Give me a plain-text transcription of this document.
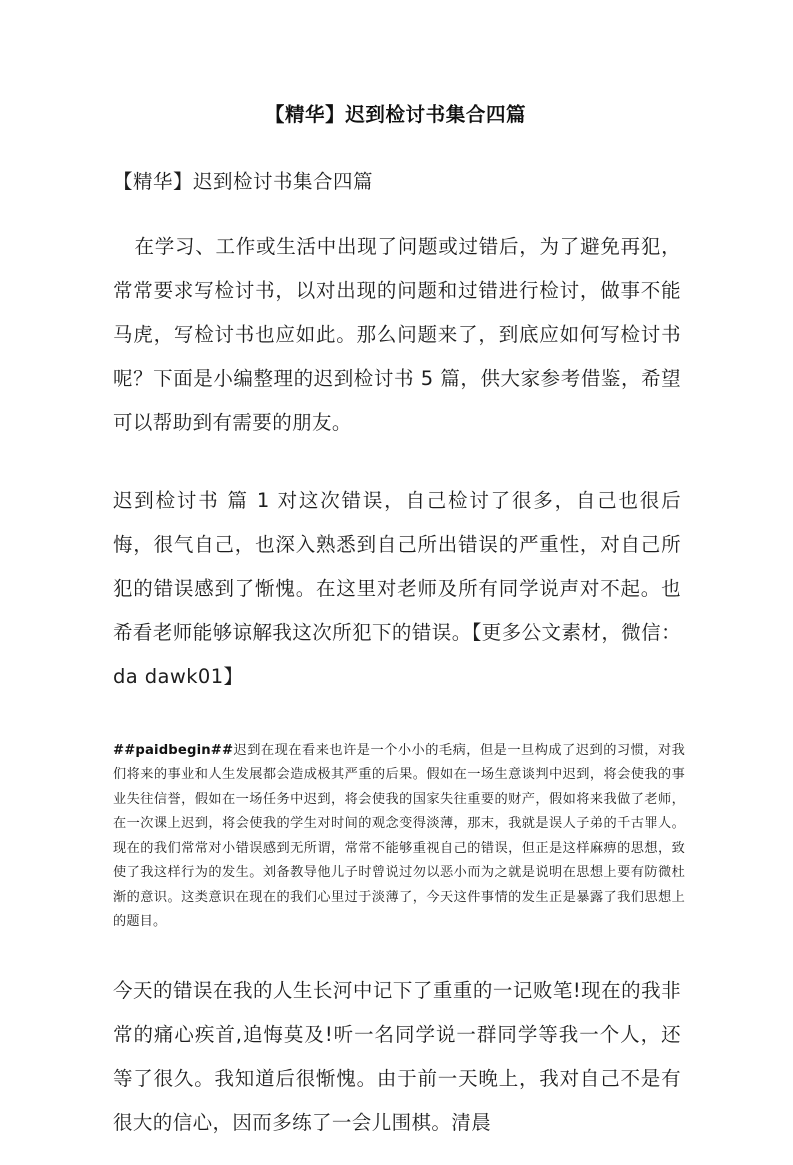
【精华】迟到检讨书集合四篇
【精华】迟到检讨书集合四篇

在学习、工作或生活中出现了问题或过错后，为了避免再犯，常常要求写检讨书，以对出现的问题和过错进行检讨，做事不能马虎，写检讨书也应如此。那么问题来了，到底应如何写检讨书呢？下面是小编整理的迟到检讨书 5 篇，供大家参考借鉴，希望可以帮助到有需要的朋友。

迟到检讨书 篇 1 对这次错误，自己检讨了很多，自己也很后悔，很气自己，也深入熟悉到自己所出错误的严重性，对自己所犯的错误感到了惭愧。在这里对老师及所有同学说声对不起。也希看老师能够谅解我这次所犯下的错误。【更多公文素材，微信：da dawk01】

##paidbegin##迟到在现在看来也许是一个小小的毛病，但是一旦构成了迟到的习惯，对我们将来的事业和人生发展都会造成极其严重的后果。假如在一场生意谈判中迟到，将会使我的事业失往信誉，假如在一场任务中迟到，将会使我的国家失往重要的财产，假如将来我做了老师，在一次课上迟到，将会使我的学生对时间的观念变得淡薄，那末，我就是误人子弟的千古罪人。现在的我们常常对小错误感到无所谓，常常不能够重视自己的错误，但正是这样麻痹的思想，致使了我这样行为的发生。刘备教导他儿子时曾说过勿以恶小而为之就是说明在思想上要有防微杜渐的意识。这类意识在现在的我们心里过于淡薄了，今天这件事情的发生正是暴露了我们思想上的题目。

今天的错误在我的人生长河中记下了重重的一记败笔!现在的我非常的痛心疾首,追悔莫及!听一名同学说一群同学等我一个人，还等了很久。我知道后很惭愧。由于前一天晚上，我对自己不是有很大的信心，因而多练了一会儿围棋。清晨
